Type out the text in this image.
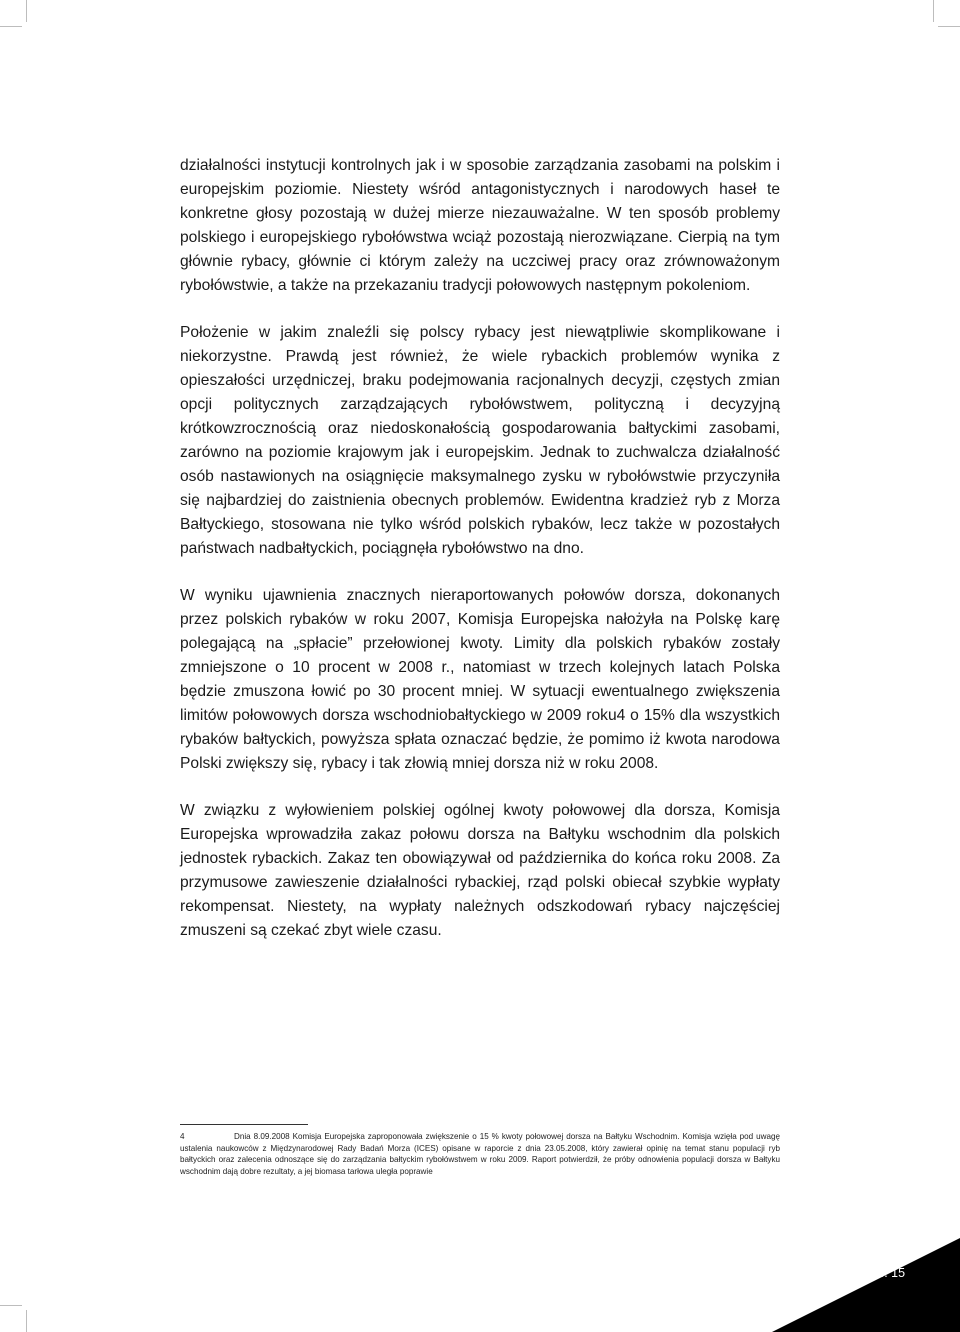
działalności instytucji kontrolnych jak i w sposobie zarządzania zasobami na polskim i europejskim poziomie. Niestety wśród antagonistycznych i narodowych haseł te konkretne głosy pozostają w dużej mierze niezauważalne. W ten sposób problemy polskiego i europejskiego rybołówstwa wciąż pozostają nierozwiązane. Cierpią na tym głównie rybacy, głównie ci którym zależy na uczciwej pracy oraz zrównoważonym rybołówstwie, a także na przekazaniu tradycji połowowych następnym pokoleniom.

Położenie w jakim znaleźli się polscy rybacy jest niewątpliwie skomplikowane i niekorzystne. Prawdą jest również, że wiele rybackich problemów wynika z opieszałości urzędniczej, braku podejmowania racjonalnych decyzji, częstych zmian opcji politycznych zarządzających rybołówstwem, polityczną i decyzyjną krótkowzrocznością oraz niedoskonałością gospodarowania bałtyckimi zasobami, zarówno na poziomie krajowym jak i europejskim. Jednak to zuchwalcza działalność osób nastawionych na osiągnięcie maksymalnego zysku w rybołówstwie przyczyniła się najbardziej do zaistnienia obecnych problemów. Ewidentna kradzież ryb z Morza Bałtyckiego, stosowana nie tylko wśród polskich rybaków, lecz także w pozostałych państwach nadbałtyckich, pociągnęła rybołówstwo na dno.

W wyniku ujawnienia znacznych nieraportowanych połowów dorsza, dokonanych przez polskich rybaków w roku 2007, Komisja Europejska nałożyła na Polskę karę polegającą na „spłacie” przełowionej kwoty. Limity dla polskich rybaków zostały zmniejszone o 10 procent w 2008 r., natomiast w trzech kolejnych latach Polska będzie zmuszona łowić po 30 procent mniej. W sytuacji ewentualnego zwiększenia limitów połowowych dorsza wschodniobałtyckiego w 2009 roku4 o 15% dla wszystkich rybaków bałtyckich, powyższa spłata oznaczać będzie, że pomimo iż kwota narodowa Polski zwiększy się, rybacy i tak złowią mniej dorsza niż w roku 2008.

W związku z wyłowieniem polskiej ogólnej kwoty połowowej dla dorsza, Komisja Europejska wprowadziła zakaz połowu dorsza na Bałtyku wschodnim dla polskich jednostek rybackich. Zakaz ten obowiązywał od października do końca roku 2008. Za przymusowe zawieszenie działalności rybackiej, rząd polski obiecał szybkie wypłaty rekompensat. Niestety, na wypłaty należnych odszkodowań rybacy najczęściej zmuszeni są czekać zbyt wiele czasu.

4	Dnia 8.09.2008 Komisja Europejska zaproponowała zwiększenie o 15 % kwoty połowowej dorsza na Bałtyku Wschodnim. Komisja wzięła pod uwagę ustalenia naukowców z Międzynarodowej Rady Badań Morza (ICES) opisane w raporcie z dnia 23.05.2008, który zawierał opinię na temat stanu populacji ryb bałtyckich oraz zalecenia odnoszące się do zarządzania bałtyckim rybołówstwem w roku 2009. Raport potwierdził, że próby odnowienia populacji dorsza w Bałtyku wschodnim dają dobre rezultaty, a jej biomasa tarłowa uległa poprawie
str. 15
